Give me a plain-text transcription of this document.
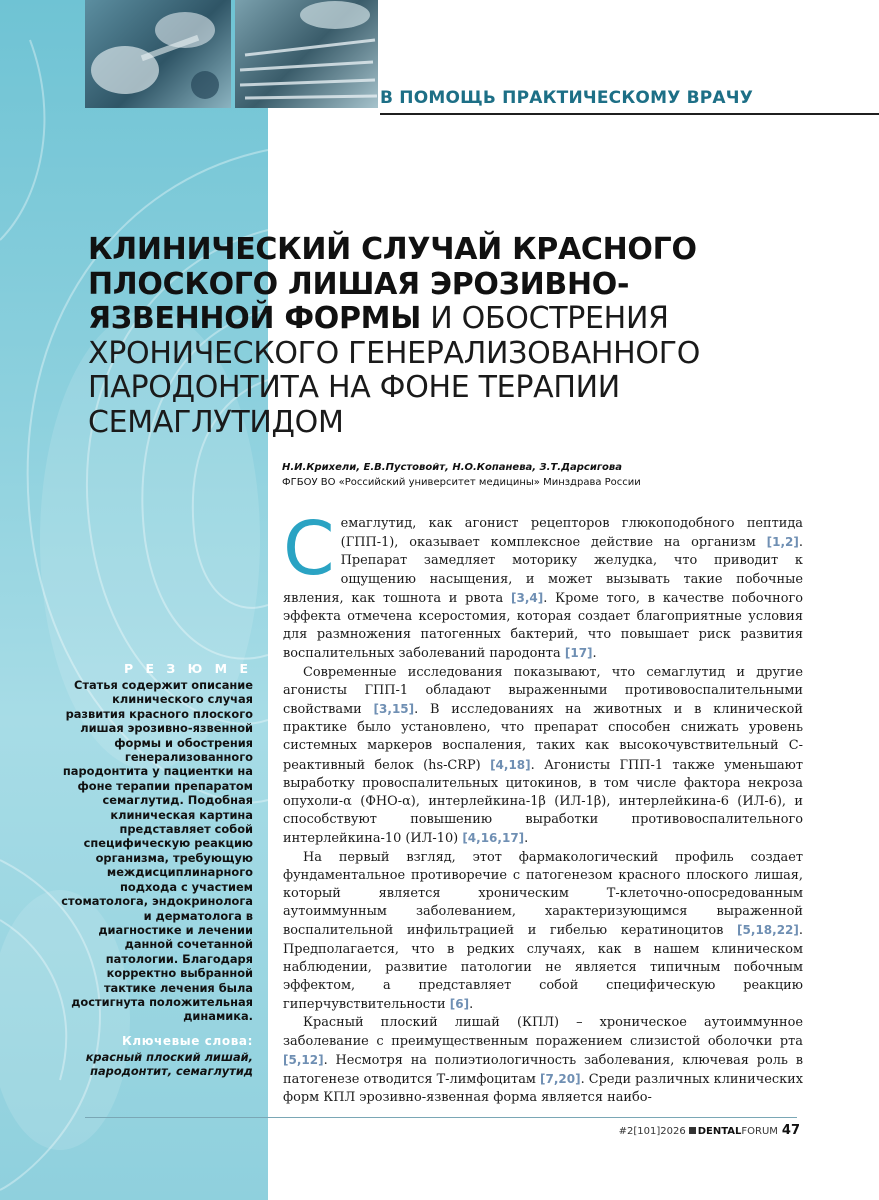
В ПОМОЩЬ ПРАКТИЧЕСКОМУ ВРАЧУ
КЛИНИЧЕСКИЙ СЛУЧАЙ КРАСНОГО ПЛОСКОГО ЛИШАЯ ЭРОЗИВНО-ЯЗВЕННОЙ ФОРМЫ И ОБОСТРЕНИЯ ХРОНИЧЕСКОГО ГЕНЕРАЛИЗОВАННОГО ПАРОДОНТИТА НА ФОНЕ ТЕРАПИИ СЕМАГЛУТИДОМ
Н.И.Крихели, Е.В.Пустовойт, Н.О.Копанева, З.Т.Дарсигова
ФГБОУ ВО «Российский университет медицины» Минздрава России
Р Е З Ю М Е
Статья содержит описание клинического случая развития красного плоского лишая эрозивно-язвенной формы и обострения генерализованного пародонтита у пациентки на фоне терапии препаратом семаглутид. Подобная клиническая картина представляет собой специфическую реакцию организма, требующую междисциплинарного подхода с участием стоматолога, эндокринолога и дерматолога в диагностике и лечении данной сочетанной патологии. Благодаря корректно выбранной тактике лечения была достигнута положительная динамика.
Ключевые слова:
красный плоский лишай, пародонтит, семаглутид

Семаглутид, как агонист рецепторов глюкоподобного пептида (ГПП-1), оказывает комплексное действие на организм [1,2]. Препарат замедляет моторику желудка, что приводит к ощущению насыщения, и может вызывать такие побочные явления, как тошнота и рвота [3,4]. Кроме того, в качестве побочного эффекта отмечена ксеростомия, которая создает благоприятные условия для размножения патогенных бактерий, что повышает риск развития воспалительных заболеваний пародонта [17].

Современные исследования показывают, что семаглутид и другие агонисты ГПП-1 обладают выраженными противовоспалительными свойствами [3,15]. В исследованиях на животных и в клинической практике было установлено, что препарат способен снижать уровень системных маркеров воспаления, таких как высокочувствительный С-реактивный белок (hs-CRP) [4,18]. Агонисты ГПП-1 также уменьшают выработку провоспалительных цитокинов, в том числе фактора некроза опухоли-α (ФНО-α), интерлейкина-1β (ИЛ-1β), интерлейкина-6 (ИЛ-6), и способствуют повышению выработки противовоспалительного интерлейкина-10 (ИЛ-10) [4,16,17].

На первый взгляд, этот фармакологический профиль создает фундаментальное противоречие с патогенезом красного плоского лишая, который является хроническим Т-клеточно-опосредованным аутоиммунным заболеванием, характеризующимся выраженной воспалительной инфильтрацией и гибелью кератиноцитов [5,18,22]. Предполагается, что в редких случаях, как в нашем клиническом наблюдении, развитие патологии не является типичным побочным эффектом, а представляет собой специфическую реакцию гиперчувствительности [6].

Красный плоский лишай (КПЛ) – хроническое аутоиммунное заболевание с преимущественным поражением слизистой оболочки рта [5,12]. Несмотря на полиэтиологичность заболевания, ключевая роль в патогенезе отводится Т-лимфоцитам [7,20]. Среди различных клинических форм КПЛ эрозивно-язвенная форма является наибо-

#2[101]2026 DENTALFORUM 47
